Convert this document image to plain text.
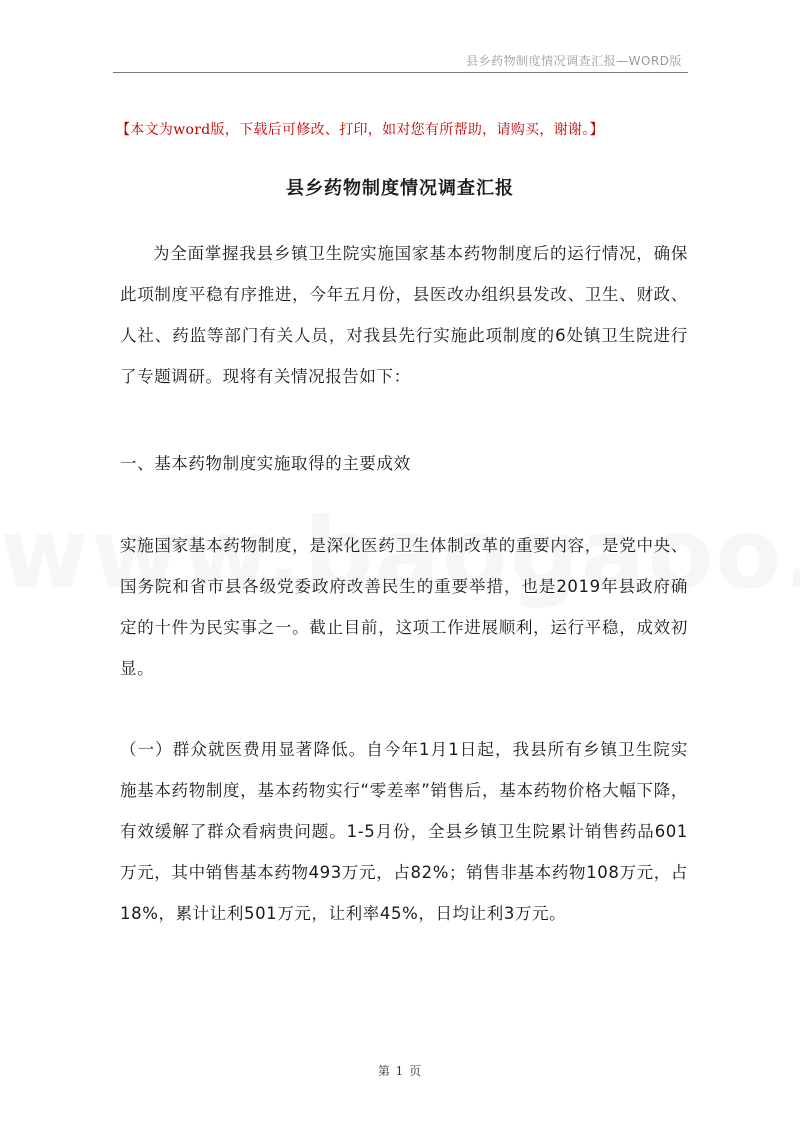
县乡药物制度情况调查汇报—WORD版
【本文为word版，下载后可修改、打印，如对您有所帮助，请购买，谢谢。】
县乡药物制度情况调查汇报

为全面掌握我县乡镇卫生院实施国家基本药物制度后的运行情况，确保此项制度平稳有序推进，今年五月份，县医改办组织县发改、卫生、财政、人社、药监等部门有关人员，对我县先行实施此项制度的6处镇卫生院进行了专题调研。现将有关情况报告如下：

一、基本药物制度实施取得的主要成效

实施国家基本药物制度，是深化医药卫生体制改革的重要内容，是党中央、国务院和省市县各级党委政府改善民生的重要举措，也是2019年县政府确定的十件为民实事之一。截止目前，这项工作进展顺利，运行平稳，成效初显。

（一）群众就医费用显著降低。自今年1月1日起，我县所有乡镇卫生院实施基本药物制度，基本药物实行“零差率”销售后，基本药物价格大幅下降，有效缓解了群众看病贵问题。1-5月份，全县乡镇卫生院累计销售药品601万元，其中销售基本药物493万元，占82%；销售非基本药物108万元，占18%，累计让利501万元，让利率45%，日均让利3万元。

第 1 页
